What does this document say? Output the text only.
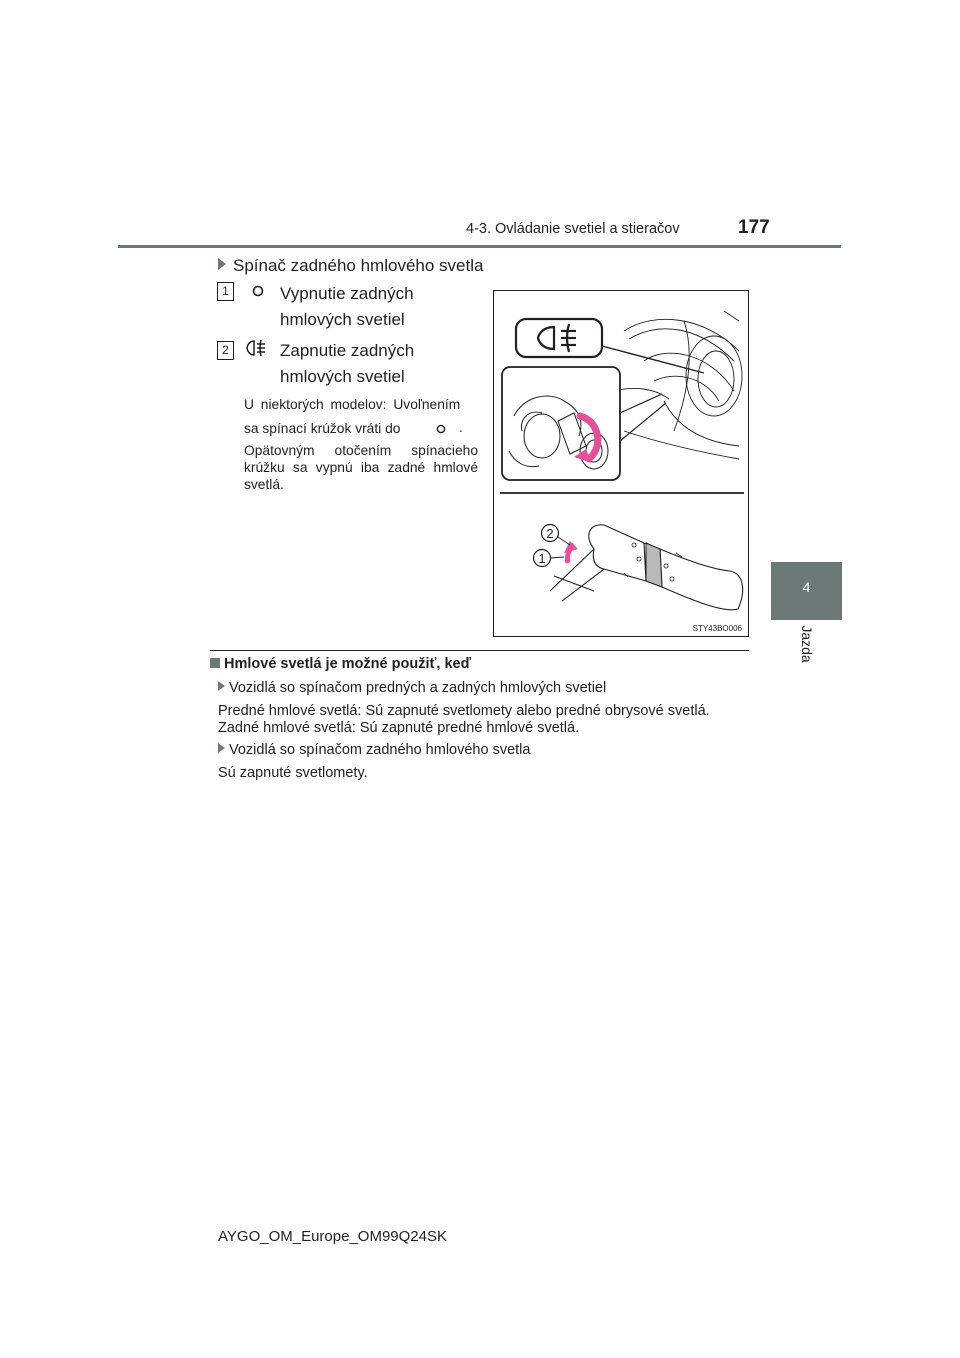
4-3. Ovládanie svetiel a stieračov	177
4
Jazda
Spínač zadného hmlového svetla
1	Vypnutie zadných hmlových svetiel
2	Zapnutie zadných hmlových svetiel
U niektorých modelov: Uvoľnením
sa spínací krúžok vráti do	.
Opätovným otočením spínacieho krúžku sa vypnú iba zadné hmlové svetlá.
2
1
STY43BO006
Hmlové svetlá je možné použiť, keď
Vozidlá so spínačom predných a zadných hmlových svetiel
Predné hmlové svetlá: Sú zapnuté svetlomety alebo predné obrysové svetlá.
Zadné hmlové svetlá: Sú zapnuté predné hmlové svetlá.
Vozidlá so spínačom zadného hmlového svetla
Sú zapnuté svetlomety.
AYGO_OM_Europe_OM99Q24SK
